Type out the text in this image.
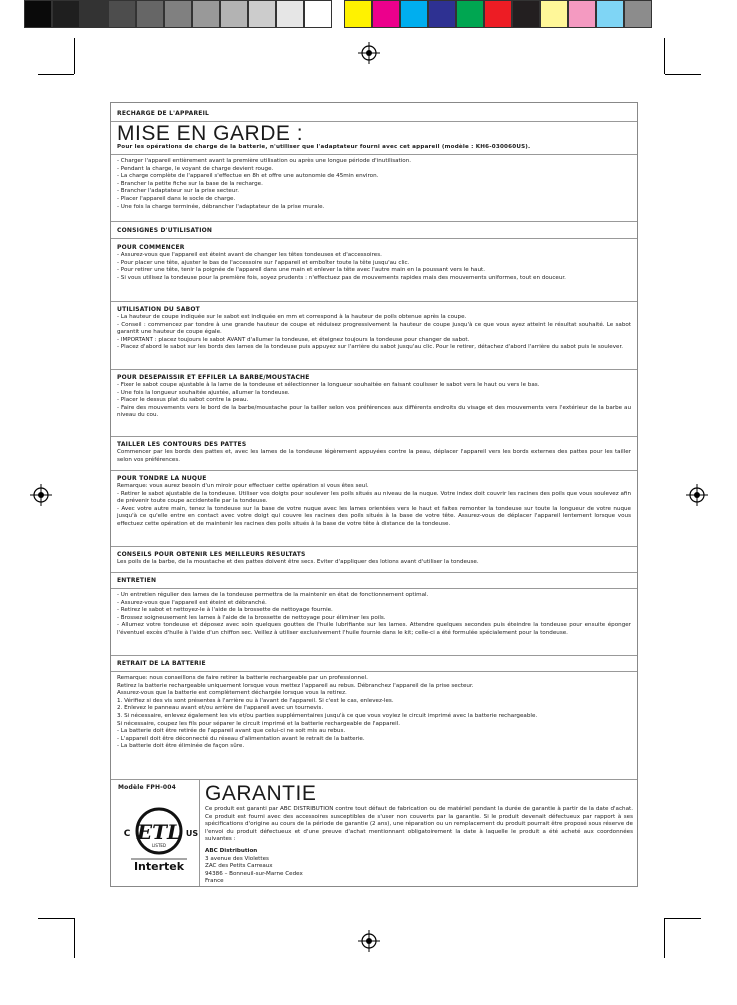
RECHARGE DE L'APPAREIL
MISE EN GARDE :
Pour les opérations de charge de la batterie, n'utiliser que l'adaptateur fourni avec cet appareil (modèle : KH6-030060US).
- Charger l'appareil entièrement avant la première utilisation ou après une longue période d'inutilisation.
- Pendant la charge, le voyant de charge devient rouge.
- La charge complète de l'appareil s'effectue en 8h et offre une autonomie de 45min environ.
- Brancher la petite fiche sur la base de la recharge.
- Brancher l'adaptateur sur la prise secteur.
- Placer l'appareil dans le socle de charge.
- Une fois la charge terminée, débrancher l'adaptateur de la prise murale.
CONSIGNES D'UTILISATION
POUR COMMENCER
- Assurez-vous que l'appareil est éteint avant de changer les têtes tondeuses et d'accessoires.
- Pour placer une tête, ajuster le bas de l'accessoire sur l'appareil et emboîter toute la tête jusqu'au clic.
- Pour retirer une tête, tenir la poignée de l'appareil dans une main et enlever la tête avec l'autre main en la poussant vers le haut.
- Si vous utilisez la tondeuse pour la première fois, soyez prudents : n'effectuez pas de mouvements rapides mais des mouvements uniformes, tout en douceur.
UTILISATION DU SABOT
- La hauteur de coupe indiquée sur le sabot est indiquée en mm et correspond à la hauteur de poils obtenue après la coupe.
- Conseil : commencez par tondre à une grande hauteur de coupe et réduisez progressivement la hauteur de coupe jusqu'à ce que vous ayez atteint le résultat souhaité. Le sabot garantit une hauteur de coupe égale.
- IMPORTANT : placez toujours le sabot AVANT d'allumer la tondeuse, et éteignez toujours la tondeuse pour changer de sabot.
- Placez d'abord le sabot sur les bords des lames de la tondeuse puis appuyez sur l'arrière du sabot jusqu'au clic. Pour le retirer, détachez d'abord l'arrière du sabot puis le soulever.
POUR DESEPAISSIR ET EFFILER LA BARBE/MOUSTACHE
- Fixer le sabot coupe ajustable à la lame de la tondeuse et sélectionner la longueur souhaitée en faisant coulisser le sabot vers le haut ou vers le bas.
- Une fois la longueur souhaitée ajustée, allumer la tondeuse.
- Placer le dessus plat du sabot contre la peau.
- Faire des mouvements vers le bord de la barbe/moustache pour la tailler selon vos préférences aux différents endroits du visage et des mouvements vers l'extérieur de la barbe au niveau du cou.
TAILLER LES CONTOURS DES PATTES
Commencer par les bords des pattes et, avec les lames de la tondeuse légèrement appuyées contre la peau, déplacer l'appareil vers les bords externes des pattes pour les tailler selon vos préférences.
POUR TONDRE LA NUQUE
Remarque: vous aurez besoin d'un miroir pour effectuer cette opération si vous êtes seul.
- Retirer le sabot ajustable de la tondeuse. Utiliser vos doigts pour soulever les poils situés au niveau de la nuque. Votre index doit couvrir les racines des poils que vous soulevez afin de prévenir toute coupe accidentelle par la tondeuse.
- Avec votre autre main, tenez la tondeuse sur la base de votre nuque avec les lames orientées vers le haut et faites remonter la tondeuse sur toute la longueur de votre nuque jusqu'à ce qu'elle entre en contact avec votre doigt qui couvre les racines des poils situés à la base de votre tête. Assurez-vous de déplacer l'appareil lentement lorsque vous effectuez cette opération et de maintenir les racines des poils situés à la base de votre tête à distance de la tondeuse.
CONSEILS POUR OBTENIR LES MEILLEURS RESULTATS
Les poils de la barbe, de la moustache et des pattes doivent être secs. Eviter d'appliquer des lotions avant d'utiliser la tondeuse.
ENTRETIEN
- Un entretien régulier des lames de la tondeuse permettra de la maintenir en état de fonctionnement optimal.
- Assurez-vous que l'appareil est éteint et débranché.
- Retirez le sabot et nettoyez-le à l'aide de la brossette de nettoyage fournie.
- Brossez soigneusement les lames à l'aide de la brossette de nettoyage pour éliminer les poils.
- Allumez votre tondeuse et déposez avec soin quelques gouttes de l'huile lubrifiante sur les lames. Attendre quelques secondes puis éteindre la tondeuse pour ensuite éponger l'éventuel excès d'huile à l'aide d'un chiffon sec. Veillez à utiliser exclusivement l'huile fournie dans le kit; celle-ci a été formulée spécialement pour la tondeuse.
RETRAIT DE LA BATTERIE
Remarque: nous conseillons de faire retirer la batterie rechargeable par un professionnel.
Retirez la batterie rechargeable uniquement lorsque vous mettez l'appareil au rebus. Débranchez l'appareil de la prise secteur.
Assurez-vous que la batterie est complètement déchargée lorsque vous la retirez.
1. Vérifiez si des vis sont présentes à l'arrière ou à l'avant de l'appareil. Si c'est le cas, enlevez-les.
2. Enlevez le panneau avant et/ou arrière de l'appareil avec un tournevis.
3. Si nécessaire, enlevez également les vis et/ou parties supplémentaires jusqu'à ce que vous voyiez le circuit imprimé avec la batterie rechargeable.
Si nécessaire, coupez les fils pour séparer le circuit imprimé et la batterie rechargeable de l'appareil.
- La batterie doit être retirée de l'appareil avant que celui-ci ne soit mis au rebus.
- L'appareil doit être déconnecté du réseau d'alimentation avant le retrait de la batterie.
- La batterie doit être éliminée de façon sûre.
Modèle FPH-004
ETL
LISTED
C	US
Intertek
GARANTIE
Ce produit est garanti par ABC DISTRIBUTION contre tout défaut de fabrication ou de matériel pendant la durée de garantie à partir de la date d'achat. Ce produit est fourni avec des accessoires susceptibles de s'user non couverts par la garantie. Si le produit devenait défectueux par rapport à ses spécifications d'origine au cours de la période de garantie (2 ans), une réparation ou un remplacement du produit pourrait être proposé sous réserve de l'envoi du produit défectueux et d'une preuve d'achat mentionnant obligatoirement la date à laquelle le produit a été acheté aux coordonnées suivantes :
ABC Distribution
3 avenue des Violettes
ZAC des Petits Carreaux
94386 – Bonneuil-sur-Marne Cedex
France
